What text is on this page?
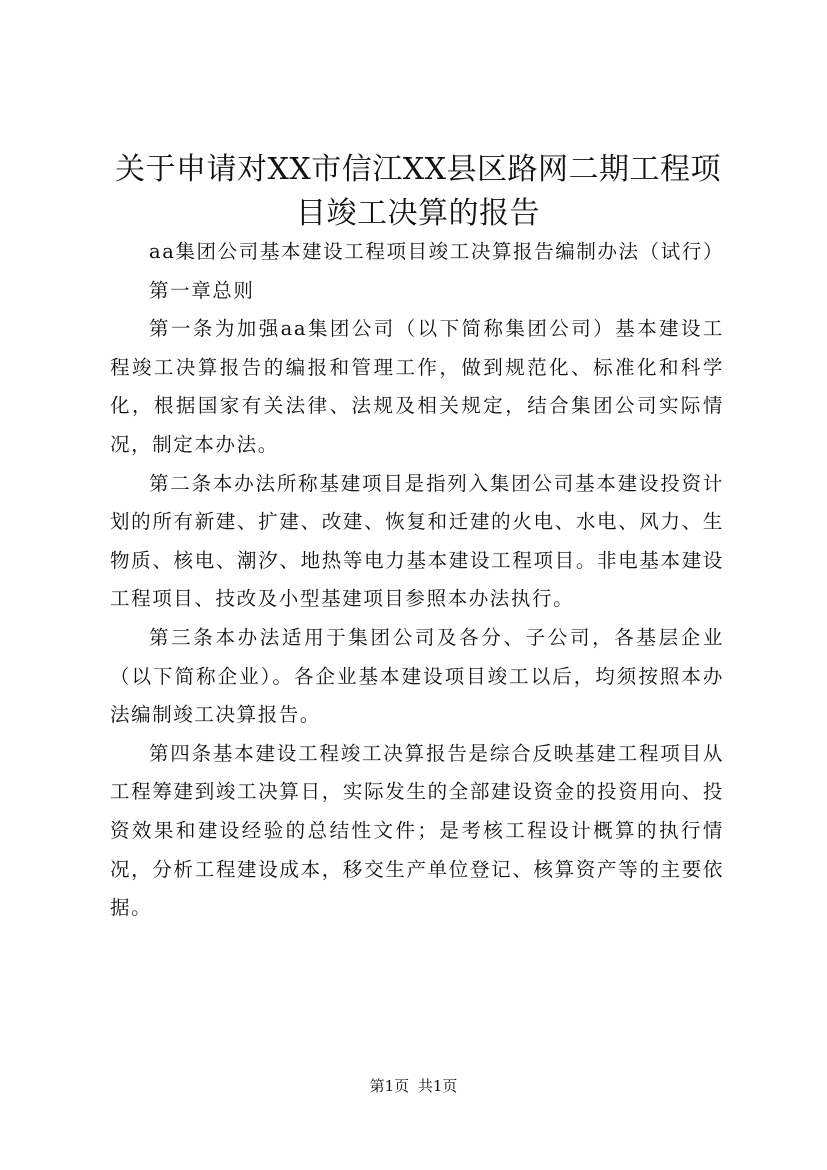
关于申请对XX市信江XX县区路网二期工程项目竣工决算的报告

aa集团公司基本建设工程项目竣工决算报告编制办法（试行）

第一章总则

第一条为加强aa集团公司（以下简称集团公司）基本建设工程竣工决算报告的编报和管理工作，做到规范化、标准化和科学化，根据国家有关法律、法规及相关规定，结合集团公司实际情况，制定本办法。

第二条本办法所称基建项目是指列入集团公司基本建设投资计划的所有新建、扩建、改建、恢复和迁建的火电、水电、风力、生物质、核电、潮汐、地热等电力基本建设工程项目。非电基本建设工程项目、技改及小型基建项目参照本办法执行。

第三条本办法适用于集团公司及各分、子公司，各基层企业（以下简称企业）。各企业基本建设项目竣工以后，均须按照本办法编制竣工决算报告。

第四条基本建设工程竣工决算报告是综合反映基建工程项目从工程筹建到竣工决算日，实际发生的全部建设资金的投资用向、投资效果和建设经验的总结性文件；是考核工程设计概算的执行情况，分析工程建设成本，移交生产单位登记、核算资产等的主要依据。

第1页 共1页
